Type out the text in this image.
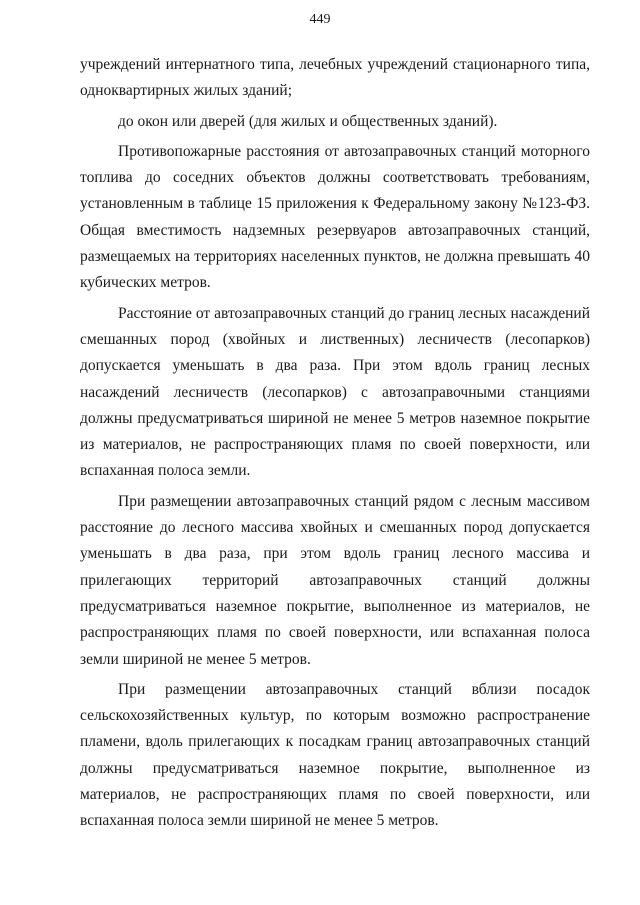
449

учреждений интернатного типа, лечебных учреждений стационарного типа, одноквартирных жилых зданий;

до окон или дверей (для жилых и общественных зданий).

Противопожарные расстояния от автозаправочных станций моторного топлива до соседних объектов должны соответствовать требованиям, установленным в таблице 15 приложения к Федеральному закону №123-ФЗ. Общая вместимость надземных резервуаров автозаправочных станций, размещаемых на территориях населенных пунктов, не должна превышать 40 кубических метров.

Расстояние от автозаправочных станций до границ лесных насаждений смешанных пород (хвойных и лиственных) лесничеств (лесопарков) допускается уменьшать в два раза. При этом вдоль границ лесных насаждений лесничеств (лесопарков) с автозаправочными станциями должны предусматриваться шириной не менее 5 метров наземное покрытие из материалов, не распространяющих пламя по своей поверхности, или вспаханная полоса земли.

При размещении автозаправочных станций рядом с лесным массивом расстояние до лесного массива хвойных и смешанных пород допускается уменьшать в два раза, при этом вдоль границ лесного массива и прилегающих территорий автозаправочных станций должны предусматриваться наземное покрытие, выполненное из материалов, не распространяющих пламя по своей поверхности, или вспаханная полоса земли шириной не менее 5 метров.

При размещении автозаправочных станций вблизи посадок сельскохозяйственных культур, по которым возможно распространение пламени, вдоль прилегающих к посадкам границ автозаправочных станций должны предусматриваться наземное покрытие, выполненное из материалов, не распространяющих пламя по своей поверхности, или вспаханная полоса земли шириной не менее 5 метров.
